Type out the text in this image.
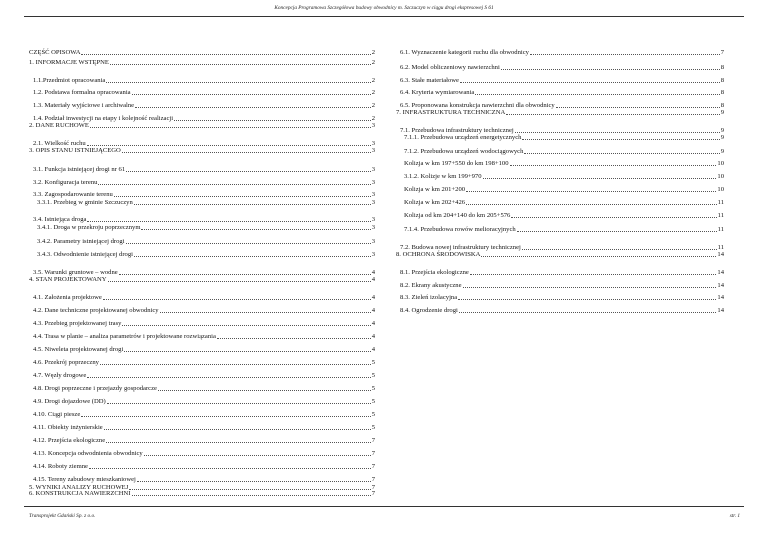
Koncepcja Programowa Szczegółowa budowy obwodnicy m. Szczuczyn w ciągu drogi ekspresowej S 61
CZĘŚĆ OPISOWA	2
1. INFORMACJE WSTĘPNE	2
1.1.Przedmiot opracowania	2
1.2. Podstawa formalna opracowania	2
1.3. Materiały wyjściowe i archiwalne	2
1.4. Podział inwestycji na etapy i kolejność realizacji	2
2. DANE RUCHOWE	3
2.1. Wielkość ruchu	3
3. OPIS STANU ISTNIEJĄCEGO	3
3.1. Funkcja istniejącej drogi nr 61	3
3.2. Konfiguracja terenu	3
3.3. Zagospodarowanie terenu	3
3.3.1. Przebieg w gminie Szczuczyn	3
3.4. Istniejąca droga	3
3.4.1. Droga w przekroju poprzecznym	3
3.4.2. Parametry istniejącej drogi	3
3.4.3. Odwodnienie istniejącej drogi	3
3.5. Warunki gruntowe – wodne	4
4. STAN PROJEKTOWANY	4
4.1. Założenia projektowe	4
4.2. Dane techniczne projektowanej obwodnicy	4
4.3. Przebieg projektowanej trasy	4
4.4. Trasa w planie – analiza parametrów i projektowane rozwiązania	4
4.5. Niweleta projektowanej drogi	4
4.6. Przekrój poprzeczny	5
4.7. Węzły drogowe	5
4.8. Drogi poprzeczne i przejazdy gospodarcze	5
4.9. Drogi dojazdowe (DD)	5
4.10. Ciągi piesze	5
4.11. Obiekty inżynierskie	5
4.12. Przejścia ekologiczne	7
4.13. Koncepcja odwodnienia obwodnicy	7
4.14. Roboty ziemne	7
4.15. Tereny zabudowy mieszkaniowej	7
5. WYNIKI ANALIZY RUCHOWEJ	7
6. KONSTRUKCJA NAWIERZCHNI	7
6.1. Wyznaczenie kategorii ruchu dla obwodnicy	7
6.2. Model obliczeniowy nawierzchni	8
6.3. Stałe materiałowe	8
6.4. Kryteria wymiarowania	8
6.5. Proponowana konstrukcja nawierzchni dla obwodnicy	8
7. INFRASTRUKTURA TECHNICZNA	9
7.1. Przebudowa infrastruktury technicznej	9
7.1.1. Przebudowa urządzeń energetycznych	9
7.1.2. Przebudowa urządzeń wodociągowych	9
Kolizja w km 197+550 do km 198+100	10
3.1.2. Kolizje w km 199+970	10
Kolizja w km 201+200	10
Kolizja w km 202+426	11
Kolizja od km 204+140 do km 205+576	11
7.1.4. Przebudowa rowów melioracyjnych	11
7.2. Budowa nowej infrastruktury technicznej	11
8. OCHRONA ŚRODOWISKA	14
8.1. Przejścia ekologiczne	14
8.2. Ekrany akustyczne	14
8.3. Zieleń izolacyjna	14
8.4. Ogrodzenie drogi	14
Transprojekt Gdański Sp. z o.o.	str. 1
